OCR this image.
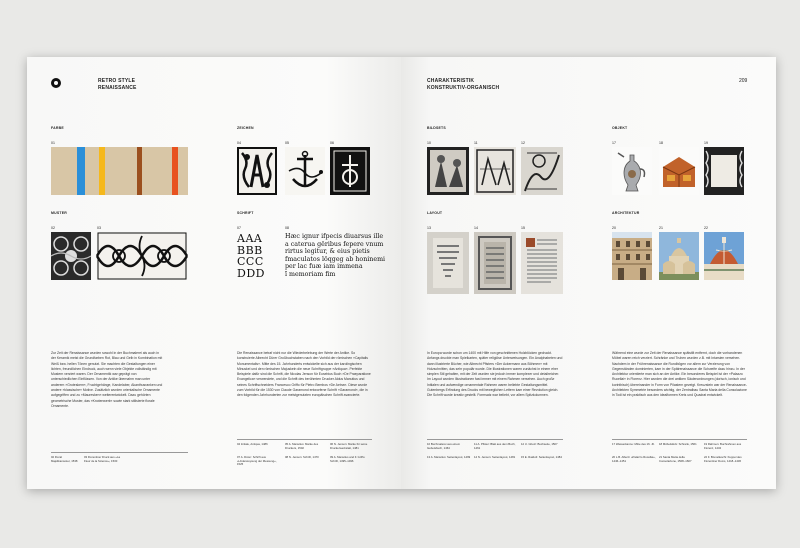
RETRO STYLE
RENAISSANCE
FARBE	ZEICHEN
01	04	05	06
MUSTER	SCHRIFT
02	03	07	08
AAA
BBB
CCC
DDD
Hæc ignur ifpecis diuarsus ille
a caterua gëribus fepere vnum
rirtus legitur, & eius pietis
fmaculatos löqgeg ab honinemi
per lac fuæ iam immena
ĩ memoriam fim
Zur Zeit der Renaissance wurden sowohl in der Buchmalerei als auch in der Keramik meist die Grundfarben Rot, Blau und Gelb in Kombination mit Weiß bzw. hellen Tönen genutzt. Sie machten die Gestaltungen einer lichten, freundlichen Eindruck, auch wenn viele Objekte vollständig mit Mustern verziert waren. Der Ornamentik war geprägt von unterschiedlichen Einflüssen. Von der Antike übernahm man unter anderem »Groteskem«, Fruchtgehänge, Kandelaber, Akanthusranken und andere »klassische« Motive. Zusätzlich wurden orientalische Ornamente aufgegriffen und zu »Mauresken« weiterentwickelt. Dazu gehörten geometrische Muster, das »Knotenwerk« sowie stark stilisierte florale Ornamente.
Die Renaissance betraf nicht nur die Wiederbelebung der Werte der Antike. So konstruierte Albrecht Dürer Großbuchstaben nach den Vorbild der römischen »Capitalis Monumentalis«. Mitte des 15. Jahrhunderts entwickelte sich aus der karolingischen Minuskel und den römischen Majuskeln die neue Schriftgruppe »Antiqua«. Perfekte Beispiele dafür sind die Schrift, die Nicolas Jenson für Eusebius Buch »De Praeparatione Evangelica« verwendete, und die Schrift des berühmten Drucker Aldus Manutius und seines Schriftschneiders Francesco Griffo für Pietro Bembos »De Aetna«. Diese wurde zum Vorbild für die 1530 von Claude Garamond entworfene Schrift »Garamond«, die in den folgenden Jahrhunderten zur meistgenutzten europäischen Schrift avancierte.
02 Floral Majolikamuster, 1538
03 Florentiner Druck aus »La Fleur de la Science«, 1530
04 Initiale, Antiqua, 1486	05 A. Manutius: Marke des Druckers, 1502
06 N. Jenson: Marke für seine Druckerwerkstatt, 1481
07 A. Dürer: Schrift aus »Underweysung der Messung«, 1525
08 N. Jenson: Schrift, 1470	09 A. Manutius and F. Griffo: Schrift, 1495–1496
CHARAKTERISTIK
KONSTRUKTIV-ORGANISCH
209
BILDSETS	OBJEKT
10	11	12	17	18	19
LAYOUT	ARCHITEKTUR
13	14	15	20	21	22
In Europa wurde schon um 1400 mit Hilfe von geschnittenen Holzblöcken gedruckt. Anfangs druckte man Spielkarten, später religiöse Unterweisungen. Ein Analphabeten und dann illustrierte Bücher, wie Albrecht Pfisters »Der Ackermann aus Böhmen« mit Holzschnitten, das sehr populär wurde. Die Illustrationen waren zunächst in einem eher simplen Stil gehalten, mit der Zeit wurden sie jedoch immer komplexer und detailreicher. Im Layout wurden Illustrationen fast immer mit einem Rahmen versehen. Auch große Initialen und aufwendige ornamentale Rahmen waren beliebte Gestaltungsmittel. Gutenbergs Erfindung des Drucks mit beweglichen Lettern kam einer Revolution gleich. Die Schrift wurde kreativ gestellt. Formsatz war beliebt, vor allem Spitzkolumnen.
Während eine wurde zur Zeit der Renaissance spätstilt entfernt, doch die vorhandenen Möbel waren reich verziert. Schränke und Truhen wurden z.B. mit Intarsien versehen. Nachdem in der Frührenaissance die Rundbögen vor allem zur Verzierung von Gegenständen dominierten, kam in der Spätrenaissance die Schweife dazu hinzu. In der Architektur orientierte man sich an der Antike. Ein besonderes Beispiel ist der »Palazzo Rucellai« in Florenz. Hier wurden die drei antiken Säulenordnungen (dorisch, ionisch und korinthisch) übereinander in Form von Pilastern gezeigt. Kreuzstein war der Renaissance-Architekten Symmetrie besonders wichtig, der Zentralbau Santa Maria della Consolazione in Todi ist ein praktisch aus den idealformen Kreis und Quadrat entwickelt.
10 Buchmalerei aus einem Gebetsbuch, 1464
11 A. Pfister: Blatt aus dem Buch, 1461
12 U. Ghetz: Buchseite, 1507
13 A. Manutius: Seitenlayout, 1499 14 N. Jenson: Seitenlayout, 1481	15 E. Ratdolt: Seitenlayout, 1484
17 Wasserkanne: Mitte des 16. Jh.	18 Möbelstück: Schrank, 1561	19 Rahmen: Buchrahmen aus Florenz, 1434
20 L.B. Alberti: »Palazzo Rucellai«, 1446–1451
21 Santa Maria della Consolazione, 1508–1607
22 F. Brunelleschi: Kuppel des Florentiner Doms, 1418–1436
